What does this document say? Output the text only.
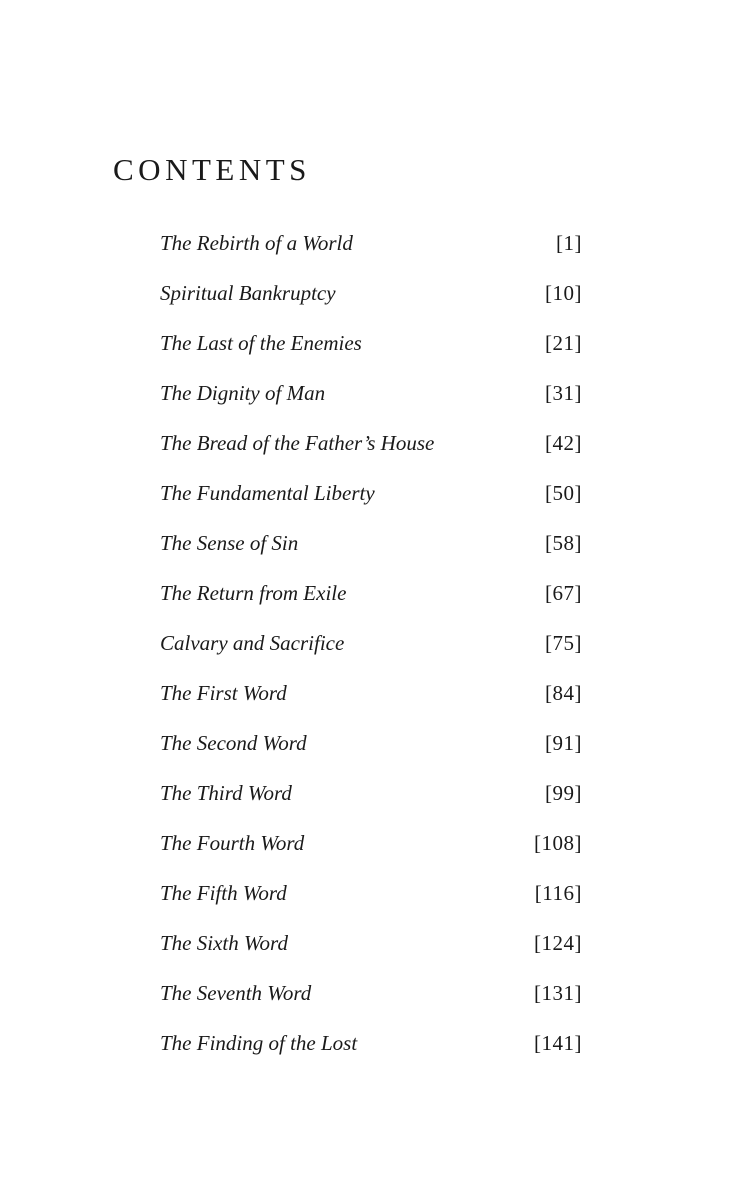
CONTENTS
The Rebirth of a World	[1]
Spiritual Bankruptcy	[10]
The Last of the Enemies	[21]
The Dignity of Man	[31]
The Bread of the Father’s House	[42]
The Fundamental Liberty	[50]
The Sense of Sin	[58]
The Return from Exile	[67]
Calvary and Sacrifice	[75]
The First Word	[84]
The Second Word	[91]
The Third Word	[99]
The Fourth Word	[108]
The Fifth Word	[116]
The Sixth Word	[124]
The Seventh Word	[131]
The Finding of the Lost	[141]
